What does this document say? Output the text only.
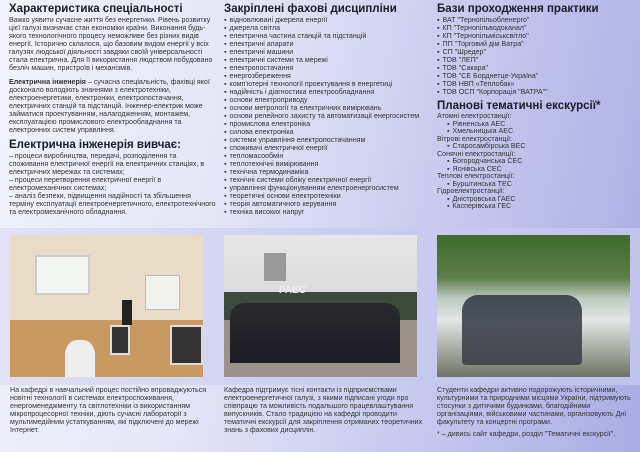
Характеристика спеціальності

Важко уявити сучасне життя без енергетики. Рівень розвитку цієї галузі визначає стан економіки країни. Виконання будь-якого технологічного процесу неможливе без різних видів енергії. Історично склалося, що базовим видом енергії у всіх галузях людської діяльності завдяки своїй універсальності стала електрична. Для її використання людством побудовано безліч машин, пристроїв і механізмів.

Електрична інженерія – сучасна спеціальність, фахівці якої досконало володіють знаннями з електротехніки, електроенергетики, електроніки, електропостачання, електричних станцій та підстанцій. Інженер-електрик може займатися проектуванням, налагодженням, монтажем, експлуатацією промислового електрообладнання та електронних систем управління.

Електрична інженерія вивчає:

– процеси виробництва, передачі, розподілення та споживання електричної енергії на електричних станціях, в електричних мережах та системах;

– процеси перетворення електричної енергії в електромеханічних системах;

– аналіз безпеки, підвищення надійності та збільшення терміну експлуатації електроенергетичного, електротехнічного та електромеханічного обладнання.

Закріплені фахові дисципліни
▪ відновлювані джерела енергії
▪ джерела світла
▪ електрична частина станцій та підстанцій
▪ електричні апарати
▪ електричні машини
▪ електричні системи та мережі
▪ електропостачання
▪ енергозбереження
▪ комп'ютерні технології проектування в енергетиці
▪ надійність і діагностика електрообладнання
▪ основи електроприводу
▪ основи метрології та електричних вимірювань
▪ основи релейного захисту та автоматизації енергосистем
▪ промислова електроніка
▪ силова електроніка
▪ системи управління електропостачанням
▪ споживачі електричної енергії
▪ тепломасообмін
▪ теплотехнічні вимірювання
▪ технічна термодинаміка
▪ технічні системи обліку електричної енергії
▪ управління функціонуванням електроенергосистем
▪ теоретичні основи електротехніки
▪ теорія автоматичного керування
▪ техніка високих напруг
Бази проходження практики
▪ ВАТ "Тернопільобленерго"
▪ КП "Тернопільводоканал"
▪ КП "Тернопільміськсвітло"
▪ ПП "Торговий дім Ватра"
▪ СП "Шредер"
▪ ТОВ "ЛЕП"
▪ ТОВ "Сакара"
▪ ТОВ "СЕ Борднетце-Україна"
▪ ТОВ НВП «Теплобак»
▪ ТОВ ОСП "Корпорація "ВАТРА""
Планові тематичні екскурсії*
Атомні електростанції:
▪ Рівненська АЕС
▪ Хмельницька АЕС
Вітрові електростанції:
▪ Старосамбірська ВЕС
Сонячні електростанції:
▪ Богородчанська СЕС
▪ Яснівська СЕС
Теплові електростанції:
▪ Бурштинська ТЕС
Гідроелектростанції:
▪ Дністровська ГАЕС
▪ Касперівська ГЕС
РАЕС

На кафедрі в навчальний процес постійно впроваджуються новітні технології в системах електроспоживання, енергоменеджменту та світлотехніки із використанням мікропроцесорної техніки, діють сучасні лабораторії з мультимедійним устаткуванням, які підключені до мережі Інтернет.

Кафедра підтримує тісні контакти із підприємствами електроенергетичної галузі, з якими підписані угоди про співпрацю та можливість подальшого працевлаштування випускників. Стало традицією на кафедрі проводити тематичні екскурсії для закріплення отриманих теоретичних знань з фахових дисциплін.

Студенти кафедри активно подорожують історичними, культурними та природними місцями України, підтримують стосунки з дитячими будинками, благодійними організаціями, військовими частинами, організовують Дні факультету та концертні програми.

* – дивись сайт кафедри, розділ "Тематичні екскурсії".
